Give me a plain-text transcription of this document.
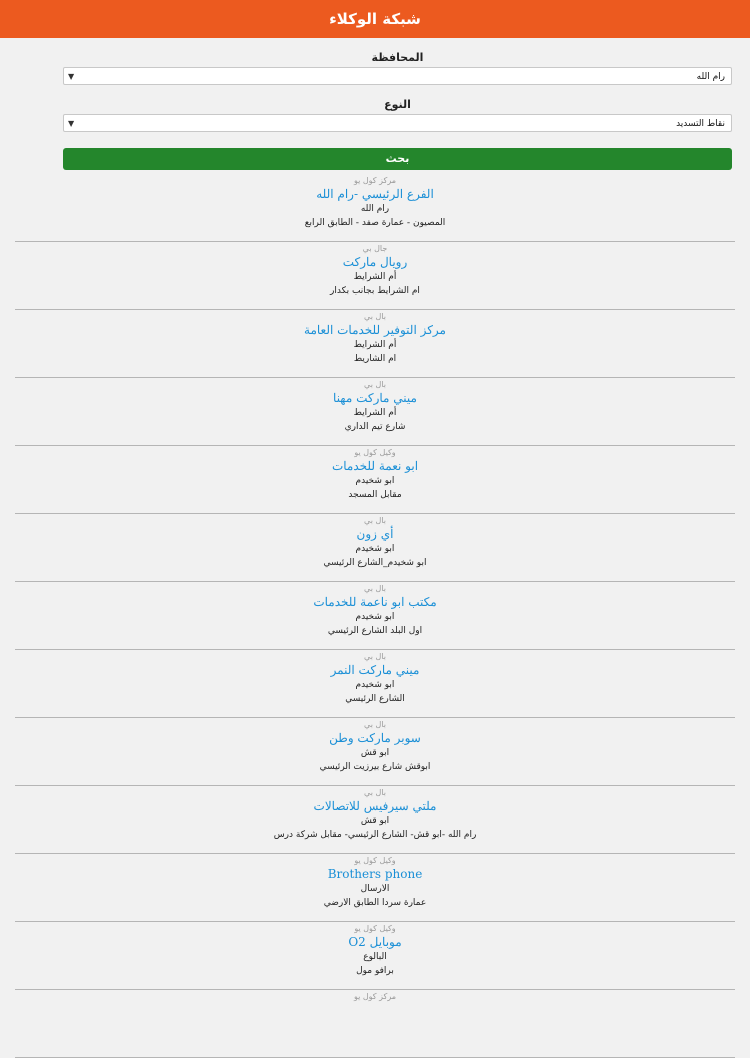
شبكة الوكلاء
المحافظة
رام الله
▼
النوع
نقاط التسديد
▼
بحث
مركز كول يو
الفرع الرئيسي -رام الله
رام الله
المصيون - عمارة صفد - الطابق الرابع
جال بي
رويال ماركت
أم الشرايط
ام الشرايط بجانب بكدار
بال بي
مركز التوفير للخدمات العامة
أم الشرايط
ام الشاريط
بال بي
ميني ماركت مهنا
أم الشرايط
شارع تيم الداري
وكيل كول يو
ابو نعمة للخدمات
ابو شخيدم
مقابل المسجد
بال بي
أي زون
ابو شخيدم
ابو شخيدم_الشارع الرئيسي
بال بي
مكتب ابو ناعمة للخدمات
ابو شخيدم
اول البلد الشارع الرئيسي
بال بي
ميني ماركت النمر
ابو شخيدم
الشارع الرئيسي
بال بي
سوبر ماركت وطن
ابو قش
ابوقش شارع بيرزيت الرئيسي
بال بي
ملتي سيرفيس للاتصالات
ابو قش
رام الله -ابو قش- الشارع الرئيسي- مقابل شركة درس
وكيل كول يو
Brothers phone
الارسال
عمارة سردا الطابق الارضي
وكيل كول يو
موبايل O2
البالوع
برافو مول
مركز كول يو
